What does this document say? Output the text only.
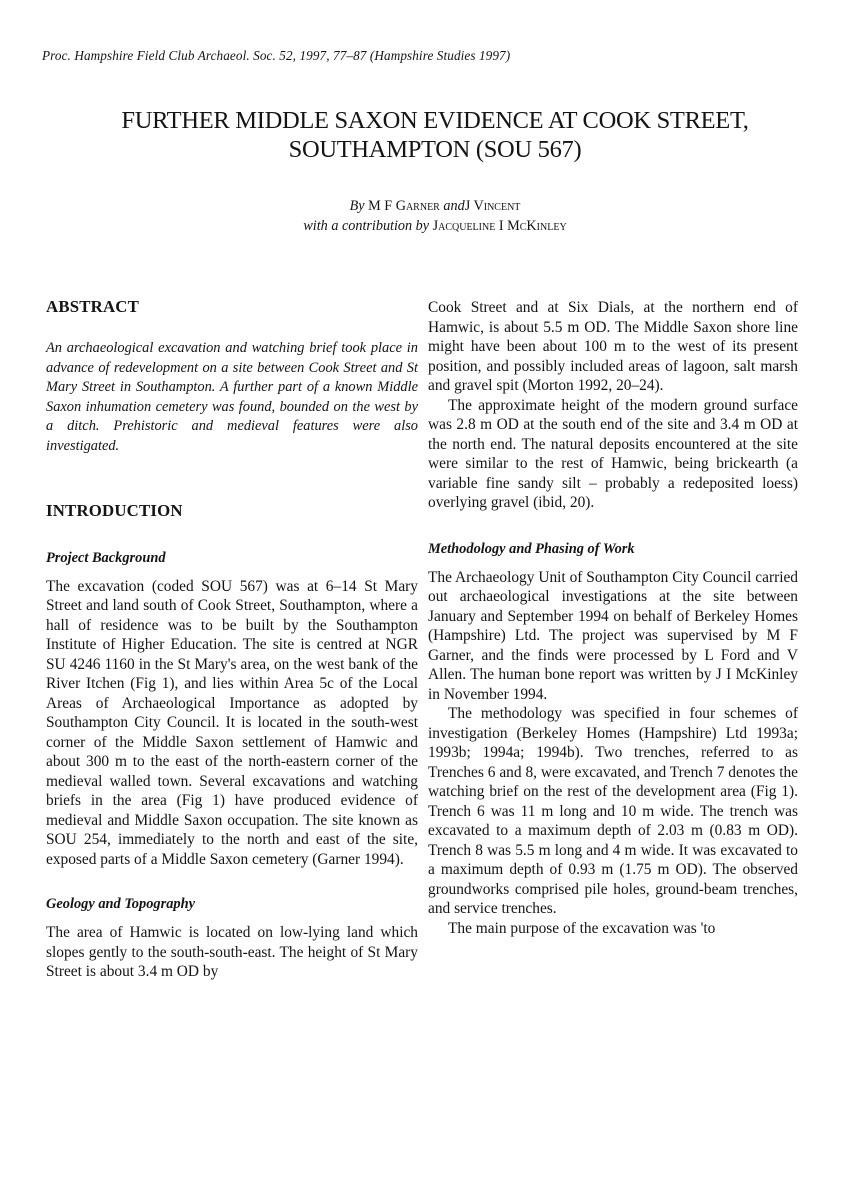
Proc. Hampshire Field Club Archaeol. Soc. 52, 1997, 77–87 (Hampshire Studies 1997)
FURTHER MIDDLE SAXON EVIDENCE AT COOK STREET,
SOUTHAMPTON (SOU 567)
By M F Garner andJ Vincent
with a contribution by Jacqueline I McKinley
ABSTRACT

An archaeological excavation and watching brief took place in advance of redevelopment on a site between Cook Street and St Mary Street in Southampton. A further part of a known Middle Saxon inhumation cemetery was found, bounded on the west by a ditch. Prehistoric and medieval features were also investigated.

INTRODUCTION
Project Background

The excavation (coded SOU 567) was at 6–14 St Mary Street and land south of Cook Street, Southampton, where a hall of residence was to be built by the Southampton Institute of Higher Education. The site is centred at NGR SU 4246 1160 in the St Mary's area, on the west bank of the River Itchen (Fig 1), and lies within Area 5c of the Local Areas of Archaeological Importance as adopted by Southampton City Council. It is located in the south-west corner of the Middle Saxon settlement of Hamwic and about 300 m to the east of the north-eastern corner of the medieval walled town. Several excavations and watching briefs in the area (Fig 1) have produced evidence of medieval and Middle Saxon occupation. The site known as SOU 254, immediately to the north and east of the site, exposed parts of a Middle Saxon cemetery (Garner 1994).

Geology and Topography

The area of Hamwic is located on low-lying land which slopes gently to the south-south-east. The height of St Mary Street is about 3.4 m OD by

Cook Street and at Six Dials, at the northern end of Hamwic, is about 5.5 m OD. The Middle Saxon shore line might have been about 100 m to the west of its present position, and possibly included areas of lagoon, salt marsh and gravel spit (Morton 1992, 20–24).

The approximate height of the modern ground surface was 2.8 m OD at the south end of the site and 3.4 m OD at the north end. The natural deposits encountered at the site were similar to the rest of Hamwic, being brickearth (a variable fine sandy silt – probably a redeposited loess) overlying gravel (ibid, 20).

Methodology and Phasing of Work

The Archaeology Unit of Southampton City Council carried out archaeological investigations at the site between January and September 1994 on behalf of Berkeley Homes (Hampshire) Ltd. The project was supervised by M F Garner, and the finds were processed by L Ford and V Allen. The human bone report was written by J I McKinley in November 1994.

The methodology was specified in four schemes of investigation (Berkeley Homes (Hampshire) Ltd 1993a; 1993b; 1994a; 1994b). Two trenches, referred to as Trenches 6 and 8, were excavated, and Trench 7 denotes the watching brief on the rest of the development area (Fig 1). Trench 6 was 11 m long and 10 m wide. The trench was excavated to a maximum depth of 2.03 m (0.83 m OD). Trench 8 was 5.5 m long and 4 m wide. It was excavated to a maximum depth of 0.93 m (1.75 m OD). The observed groundworks comprised pile holes, ground-beam trenches, and service trenches.

The main purpose of the excavation was 'to
